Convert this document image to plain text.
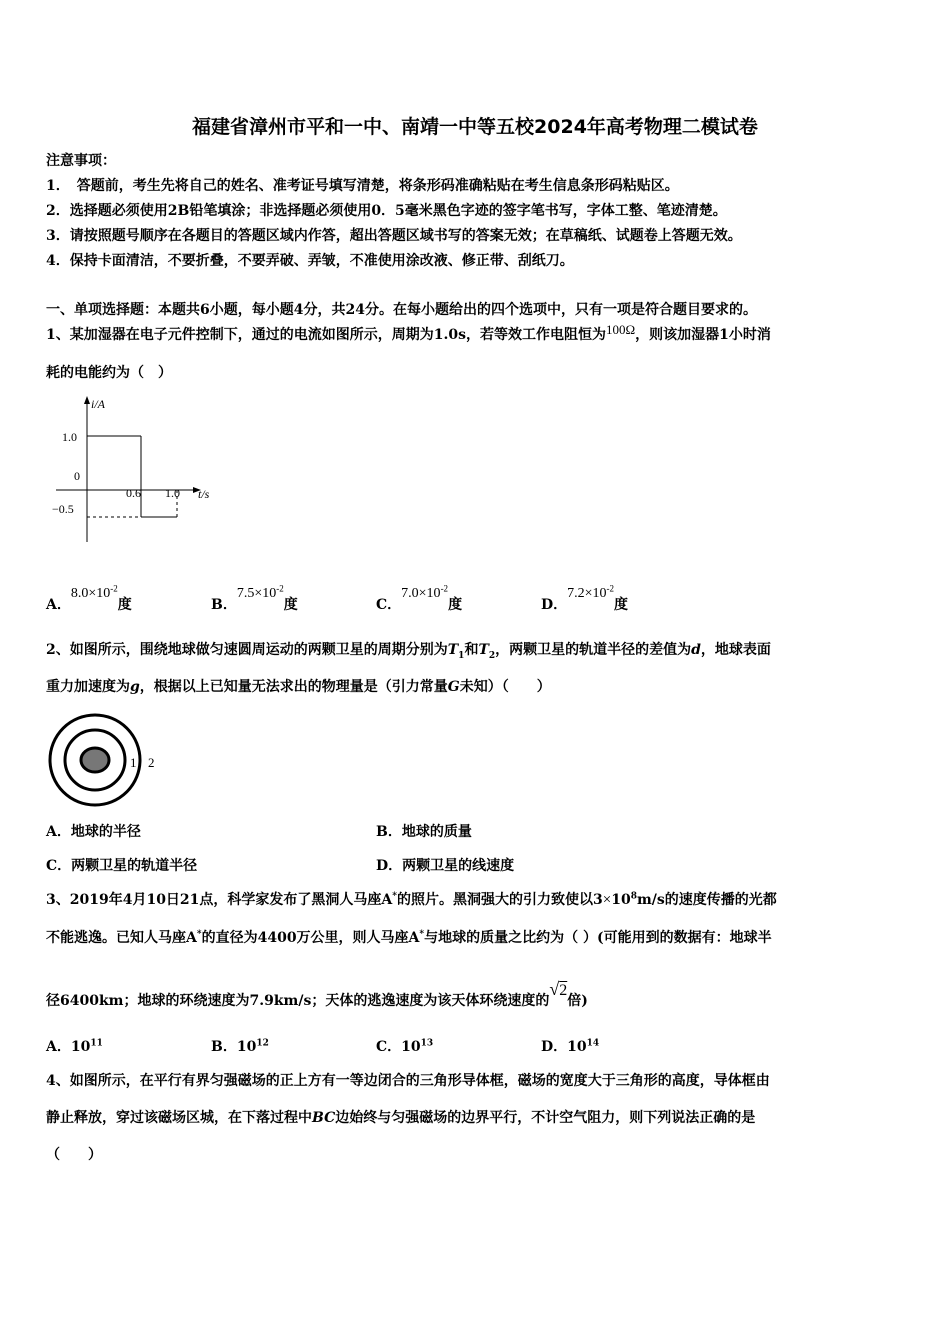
福建省漳州市平和一中、南靖一中等五校2024年高考物理二模试卷
注意事项：
1．　答题前，考生先将自己的姓名、准考证号填写清楚，将条形码准确粘贴在考生信息条形码粘贴区。
2．选择题必须使用2B铅笔填涂；非选择题必须使用0．5毫米黑色字迹的签字笔书写，字体工整、笔迹清楚。
3．请按照题号顺序在各题目的答题区域内作答，超出答题区域书写的答案无效；在草稿纸、试题卷上答题无效。
4．保持卡面清洁，不要折叠，不要弄破、弄皱，不准使用涂改液、修正带、刮纸刀。
一、单项选择题：本题共6小题，每小题4分，共24分。在每小题给出的四个选项中，只有一项是符合题目要求的。
1、某加湿器在电子元件控制下，通过的电流如图所示，周期为1.0s，若等效工作电阻恒为100Ω，则该加湿器1小时消
耗的电能约为（　）
i/A
t/s
1.0
0
−0.5
0.6 1.0
A．$8.0\times 10^{-2}$度	B．$7.5\times 10^{-2}$度	C．$7.0\times 10^{-2}$度	D．$7.2\times 10^{-2}$度
2、如图所示，围绕地球做匀速圆周运动的两颗卫星的周期分别为$T_1$和$T_2$，两颗卫星的轨道半径的差值为d，地球表面
重力加速度为g，根据以上已知量无法求出的物理量是（引力常量G未知）（　　）
1 2
A．地球的半径	B．地球的质量
C．两颗卫星的轨道半径	D．两颗卫星的线速度
3、2019年4月10日21点，科学家发布了黑洞人马座A*的照片。黑洞强大的引力致使以$3\times 10^8m/s$的速度传播的光都
不能逃逸。已知人马座A*的直径为4400万公里，则人马座A*与地球的质量之比约为（ ）(可能用到的数据有：地球半
径6400km；地球的环绕速度为7.9km/s；天体的逃逸速度为该天体环绕速度的√2倍)
A．$10^{11}$	B．$10^{12}$	C．$10^{13}$	D．$10^{14}$
4、如图所示，在平行有界匀强磁场的正上方有一等边闭合的三角形导体框，磁场的宽度大于三角形的高度，导体框由
静止释放，穿过该磁场区城，在下落过程中BC边始终与匀强磁场的边界平行，不计空气阻力，则下列说法正确的是
（　　）
